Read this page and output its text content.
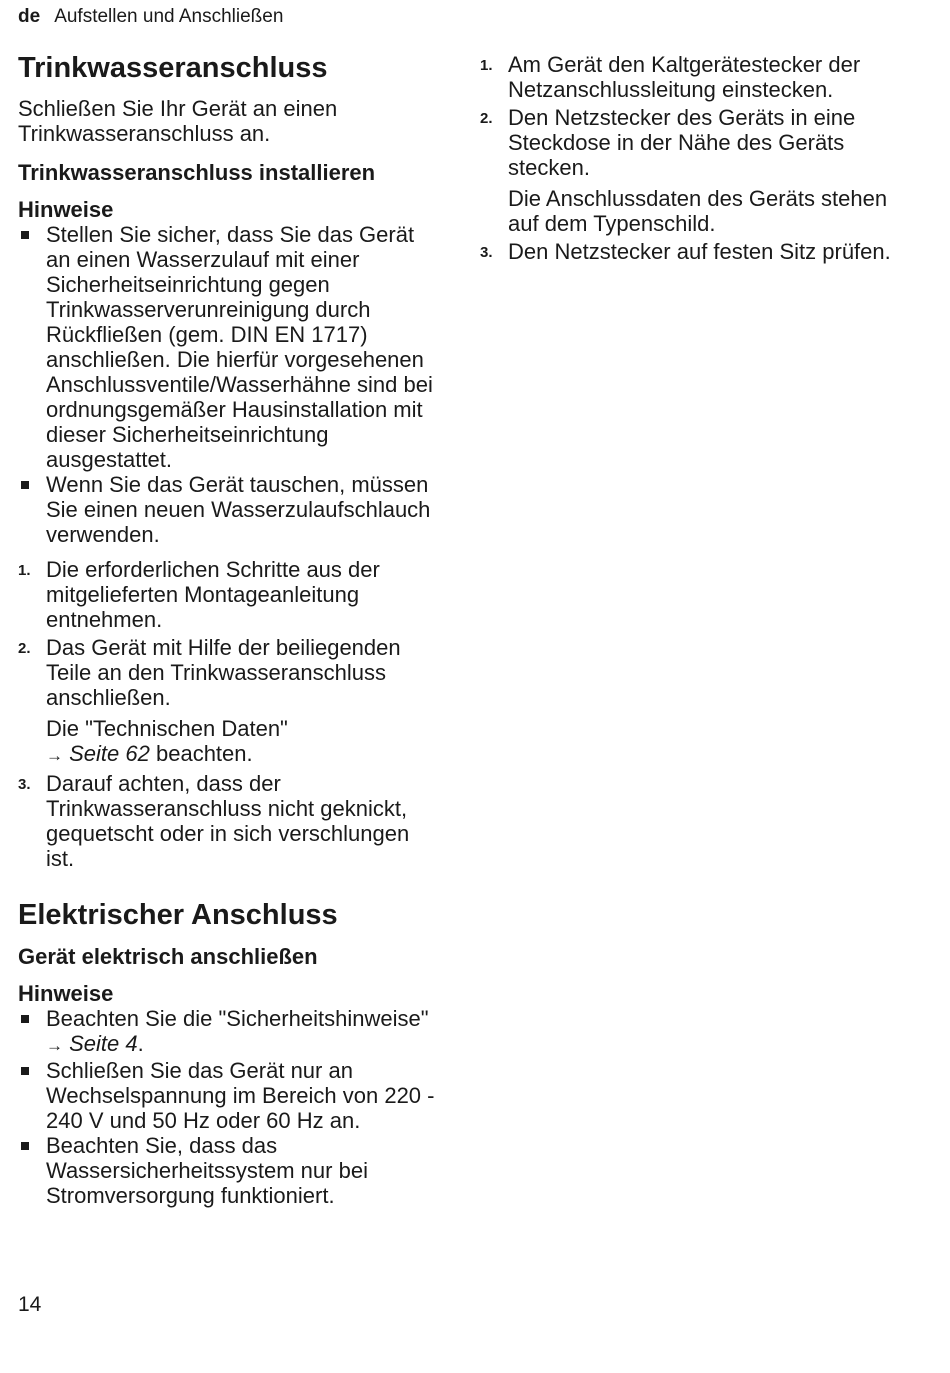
de Aufstellen und Anschließen
Trinkwasseranschluss

Schließen Sie Ihr Gerät an einen Trinkwasseranschluss an.

Trinkwasseranschluss installieren
Hinweise
Stellen Sie sicher, dass Sie das Gerät an einen Wasserzulauf mit einer Sicherheitseinrichtung gegen Trinkwasserverunreinigung durch Rückfließen (gem. DIN EN 1717) anschließen. Die hierfür vorgesehenen Anschlussventile/Wasserhähne sind bei ordnungsgemäßer Hausinstallation mit dieser Sicherheitseinrichtung ausgestattet.
Wenn Sie das Gerät tauschen, müssen Sie einen neuen Wasserzulaufschlauch verwenden.
1. Die erforderlichen Schritte aus der mitgelieferten Montageanleitung entnehmen.
2. Das Gerät mit Hilfe der beiliegenden Teile an den Trinkwasseranschluss anschließen.
Die "Technischen Daten"
→ Seite 62 beachten.
3. Darauf achten, dass der Trinkwasseranschluss nicht geknickt, gequetscht oder in sich verschlungen ist.
Elektrischer Anschluss
Gerät elektrisch anschließen
Hinweise
Beachten Sie die "Sicherheitshinweise" → Seite 4.
Schließen Sie das Gerät nur an Wechselspannung im Bereich von 220 - 240 V und 50 Hz oder 60 Hz an.
Beachten Sie, dass das Wassersicherheitssystem nur bei Stromversorgung funktioniert.
1. Am Gerät den Kaltgerätestecker der Netzanschlussleitung einstecken.
2. Den Netzstecker des Geräts in eine Steckdose in der Nähe des Geräts stecken.
Die Anschlussdaten des Geräts stehen auf dem Typenschild.
3. Den Netzstecker auf festen Sitz prüfen.
14
